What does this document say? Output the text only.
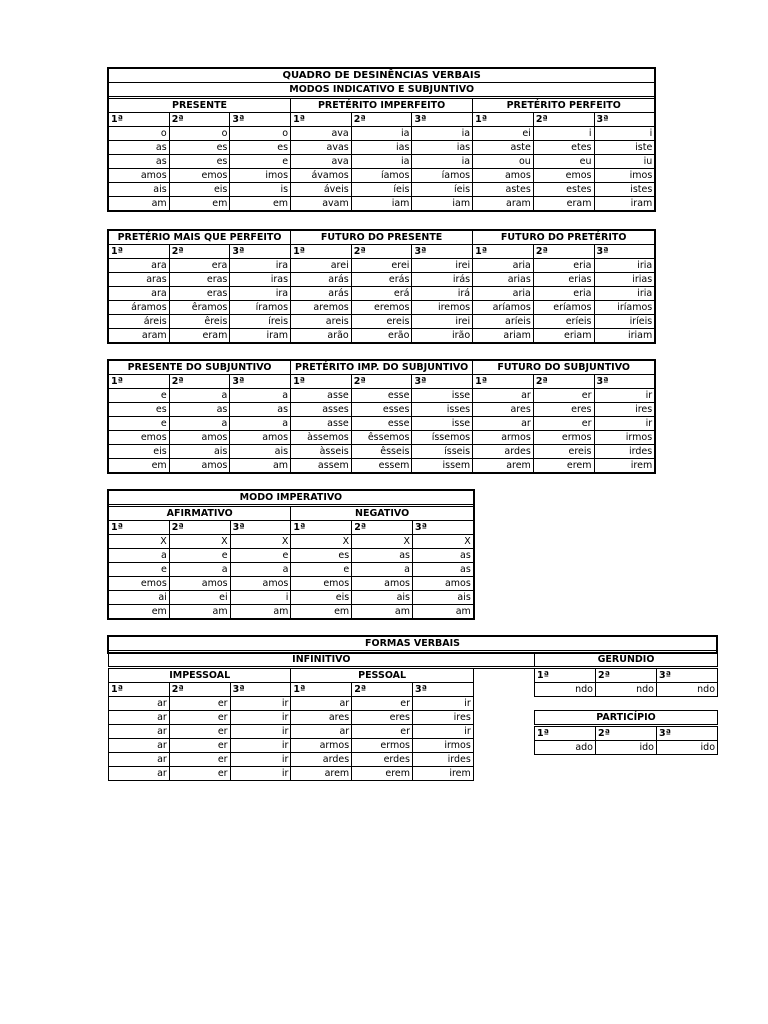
QUADRO DE DESINÊNCIAS VERBAIS								
MODOS INDICATIVO E SUBJUNTIVO								
PRESENTE			PRETÉRITO IMPERFEITO			PRETÉRITO PERFEITO		
1ª	2ª	3ª	1ª	2ª	3ª	1ª	2ª	3ª
o	o	o	ava	ia	ia	ei	i	i
as	es	es	avas	ias	ias	aste	etes	iste
as	es	e	ava	ia	ia	ou	eu	iu
amos	emos	imos	ávamos	íamos	íamos	amos	emos	imos
ais	eis	is	áveis	íeis	íeis	astes	estes	istes
am	em	em	avam	iam	iam	aram	eram	iram
PRETÉRIO MAIS QUE PERFEITO			FUTURO DO PRESENTE			FUTURO DO PRETÉRITO		
1ª	2ª	3ª	1ª	2ª	3ª	1ª	2ª	3ª
ara	era	ira	arei	erei	irei	aria	eria	iria
aras	eras	iras	arás	erás	irás	arias	erias	irias
ara	eras	ira	arás	erá	irá	aria	eria	iria
áramos	êramos	íramos	aremos	eremos	iremos	aríamos	eríamos	iríamos
áreis	êreis	íreis	areis	ereis	irei	aríeis	eríeis	iríeis
aram	eram	iram	arão	erão	irão	ariam	eriam	iriam
PRESENTE DO SUBJUNTIVO			PRETÉRITO IMP. DO SUBJUNTIVO			FUTURO DO SUBJUNTIVO		
1ª	2ª	3ª	1ª	2ª	3ª	1ª	2ª	3ª
e	a	a	asse	esse	isse	ar	er	ir
es	as	as	asses	esses	isses	ares	eres	ires
e	a	a	asse	esse	isse	ar	er	ir
emos	amos	amos	àssemos	êssemos	íssemos	armos	ermos	irmos
eis	ais	ais	àsseis	êsseis	ísseis	ardes	ereis	irdes
em	amos	am	assem	essem	issem	arem	erem	irem
MODO IMPERATIVO					
AFIRMATIVO			NEGATIVO		
1ª	2ª	3ª	1ª	2ª	3ª
X	X	X	X	X	X
a	e	e	es	as	as
e	a	a	e	a	as
emos	amos	amos	emos	amos	amos
ai	ei	i	eis	ais	ais
em	am	am	em	am	am
FORMAS VERBAIS
INFINITIVO						
IMPESSOAL			PESSOAL			
1ª	2ª	3ª	1ª	2ª	3ª	
ar	er	ir	ar	er	ir	
ar	er	ir	ares	eres	ires	
ar	er	ir	ar	er	ir	
ar	er	ir	armos	ermos	irmos	
ar	er	ir	ardes	erdes	irdes	
ar	er	ir	arem	erem	irem	
GERÚNDIO		
1ª	2ª	3ª
ndo	ndo	ndo
PARTICÍPIO		
1ª	2ª	3ª
ado	ido	ido
